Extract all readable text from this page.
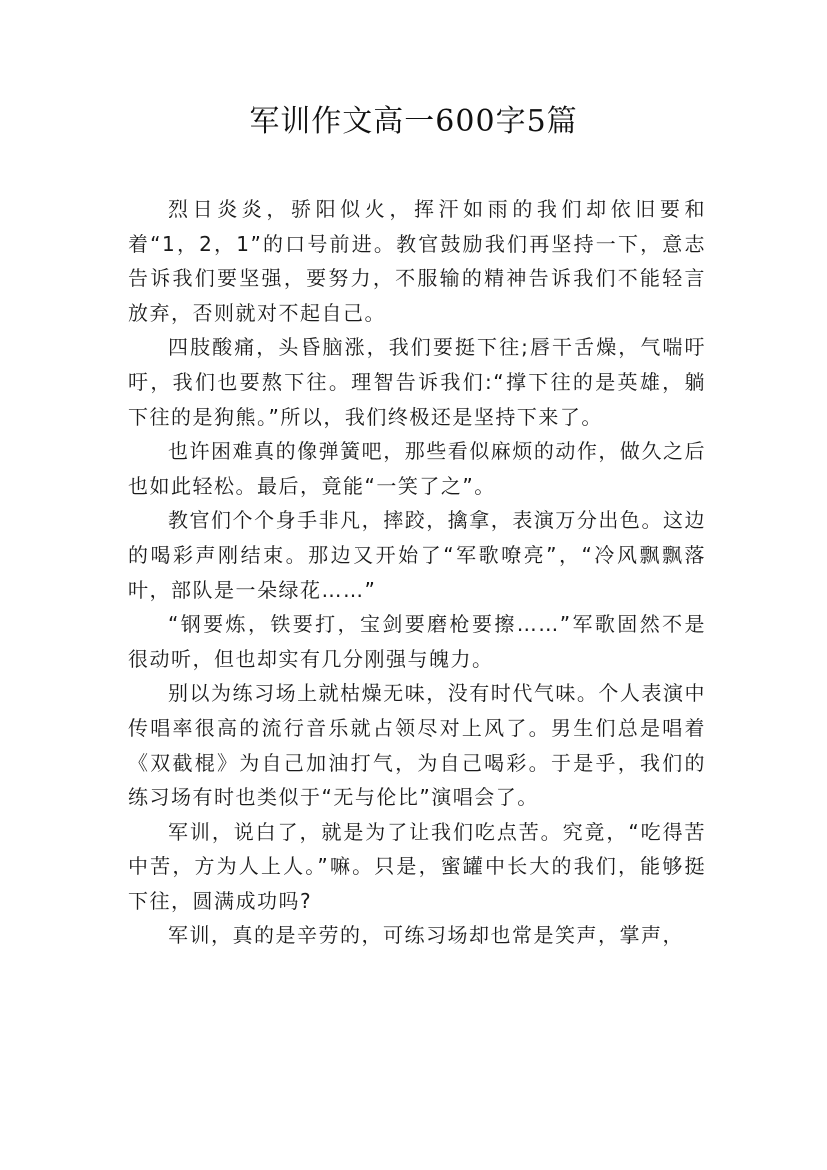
军训作文高一600字5篇

烈日炎炎，骄阳似火，挥汗如雨的我们却依旧要和着“1，2，1”的口号前进。教官鼓励我们再坚持一下，意志告诉我们要坚强，要努力，不服输的精神告诉我们不能轻言放弃，否则就对不起自己。

四肢酸痛，头昏脑涨，我们要挺下往;唇干舌燥，气喘吁吁，我们也要熬下往。理智告诉我们:“撑下往的是英雄，躺下往的是狗熊。”所以，我们终极还是坚持下来了。

也许困难真的像弹簧吧，那些看似麻烦的动作，做久之后也如此轻松。最后，竟能“一笑了之”。

教官们个个身手非凡，摔跤，擒拿，表演万分出色。这边的喝彩声刚结束。那边又开始了“军歌嘹亮”，“冷风飘飘落叶，部队是一朵绿花……”

“钢要炼，铁要打，宝剑要磨枪要擦……”军歌固然不是很动听，但也却实有几分刚强与魄力。

别以为练习场上就枯燥无味，没有时代气味。个人表演中传唱率很高的流行音乐就占领尽对上风了。男生们总是唱着《双截棍》为自己加油打气，为自己喝彩。于是乎，我们的练习场有时也类似于“无与伦比”演唱会了。

军训，说白了，就是为了让我们吃点苦。究竟，“吃得苦中苦，方为人上人。”嘛。只是，蜜罐中长大的我们，能够挺下往，圆满成功吗?

军训，真的是辛劳的，可练习场却也常是笑声，掌声，
